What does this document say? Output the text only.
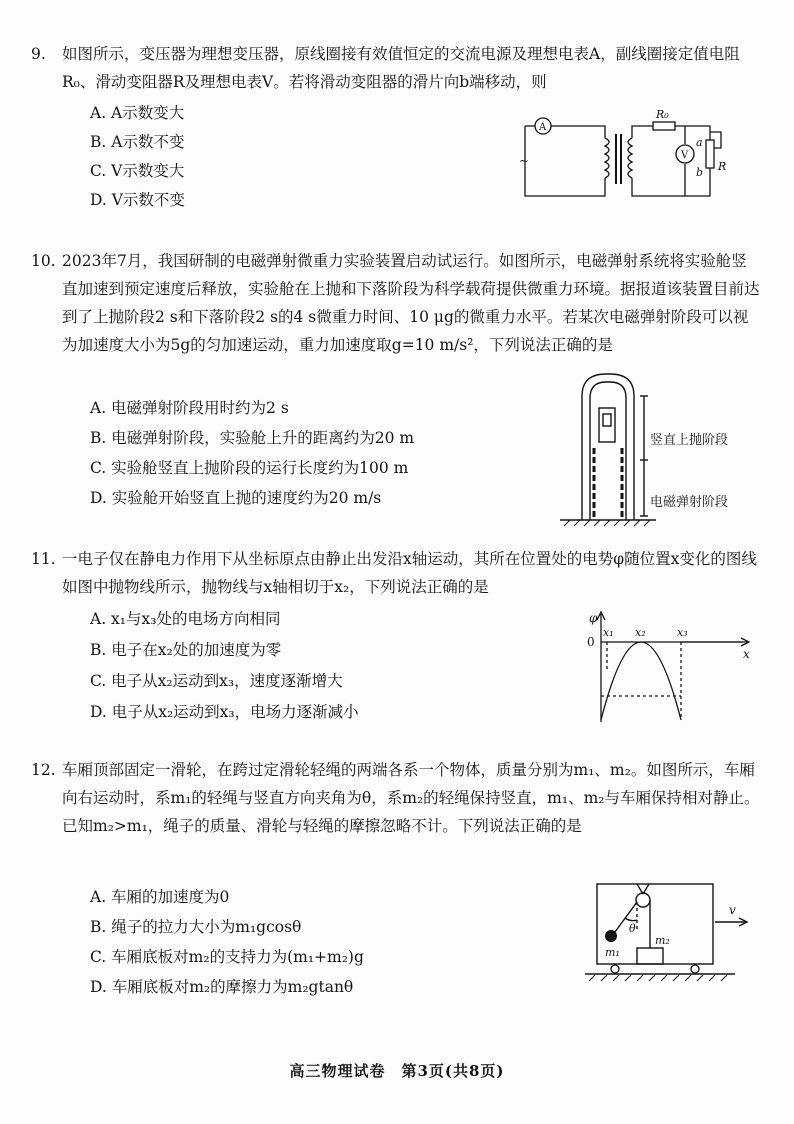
9. 如图所示，变压器为理想变压器，原线圈接有效值恒定的交流电源及理想电表A，副线圈接定值电阻R₀、滑动变阻器R及理想电表V。若将滑动变阻器的滑片向b端移动，则
A. A示数变大
B. A示数不变
C. V示数变大
D. V示数不变
A
V
R₀
R
a
b
~
10. 2023年7月，我国研制的电磁弹射微重力实验装置启动试运行。如图所示，电磁弹射系统将实验舱竖直加速到预定速度后释放，实验舱在上抛和下落阶段为科学载荷提供微重力环境。据报道该装置目前达到了上抛阶段2 s和下落阶段2 s的4 s微重力时间、10 μg的微重力水平。若某次电磁弹射阶段可以视为加速度大小为5g的匀加速运动，重力加速度取g=10 m/s²，下列说法正确的是
A. 电磁弹射阶段用时约为2 s
B. 电磁弹射阶段，实验舱上升的距离约为20 m
C. 实验舱竖直上抛阶段的运行长度约为100 m
D. 实验舱开始竖直上抛的速度约为20 m/s
竖直上抛阶段
电磁弹射阶段
11. 一电子仅在静电力作用下从坐标原点由静止出发沿x轴运动，其所在位置处的电势φ随位置x变化的图线如图中抛物线所示，抛物线与x轴相切于x₂，下列说法正确的是
A. x₁与x₃处的电场方向相同
B. 电子在x₂处的加速度为零
C. 电子从x₂运动到x₃，速度逐渐增大
D. 电子从x₂运动到x₃，电场力逐渐减小
φ
0
x₁ x₂	x₃
x
12. 车厢顶部固定一滑轮，在跨过定滑轮轻绳的两端各系一个物体，质量分别为m₁、m₂。如图所示，车厢向右运动时，系m₁的轻绳与竖直方向夹角为θ，系m₂的轻绳保持竖直，m₁、m₂与车厢保持相对静止。已知m₂>m₁，绳子的质量、滑轮与轻绳的摩擦忽略不计。下列说法正确的是
A. 车厢的加速度为0
B. 绳子的拉力大小为m₁gcosθ
C. 车厢底板对m₂的支持力为(m₁+m₂)g
D. 车厢底板对m₂的摩擦力为m₂gtanθ
θ
m₁
m₂
v
高三物理试卷　第3页(共8页)
